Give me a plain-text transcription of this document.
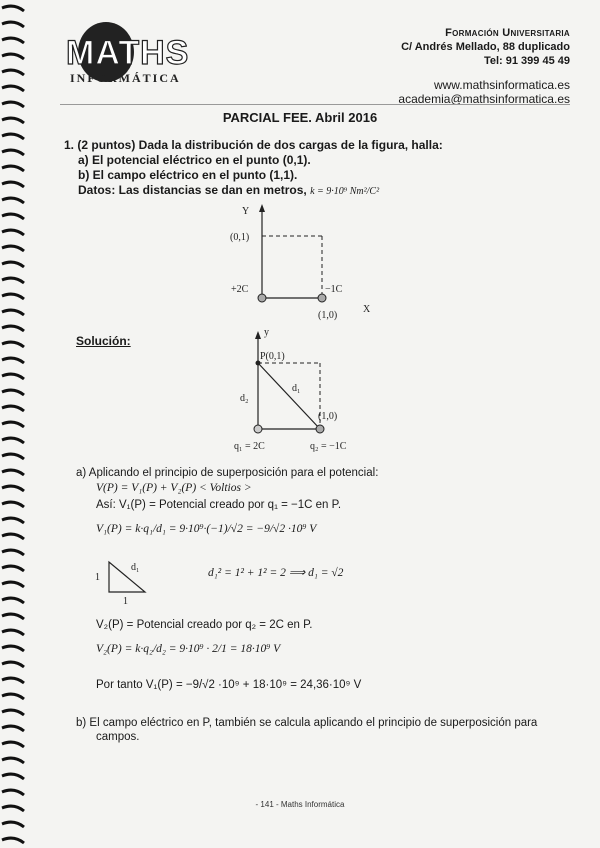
MATHS
INFORMÁTICA
Formación Universitaria
C/ Andrés Mellado, 88 duplicado
Tel: 91 399 45 49
www.mathsinformatica.es
academia@mathsinformatica.es
PARCIAL FEE. Abril 2016
1. (2 puntos) Dada la distribución de dos cargas de la figura, halla:
a) El potencial eléctrico en el punto (0,1).
b) El campo eléctrico en el punto (1,1).
Datos: Las distancias se dan en metros, k = 9·10⁹ Nm²/C²
Y
(0,1)
+2C	−1C
(1,0)
X
Solución:
y
P(0,1)
d₁
d₂
(1,0)
q₁ = 2C	q₂ = −1C
a) Aplicando el principio de superposición para el potencial:
V(P) = V₁(P) + V₂(P) < Voltios >
Así: V₁(P) = Potencial creado por q₁ = −1C en P.
V₁(P) = k·q₁/d₁ = 9·10⁹·(−1)/√2 = −9/√2 ·10⁹ V
1
1
d₁	d₁² = 1² + 1² = 2 ⟹ d₁ = √2
V₂(P) = Potencial creado por q₂ = 2C en P.
V₂(P) = k·q₂/d₂ = 9·10⁹ · 2/1 = 18·10⁹ V
Por tanto V₁(P) = −9/√2 ·10⁹ + 18·10⁹ = 24,36·10⁹ V
b) El campo eléctrico en P, también se calcula aplicando el principio de superposición para
campos.
- 141 - Maths Informática
